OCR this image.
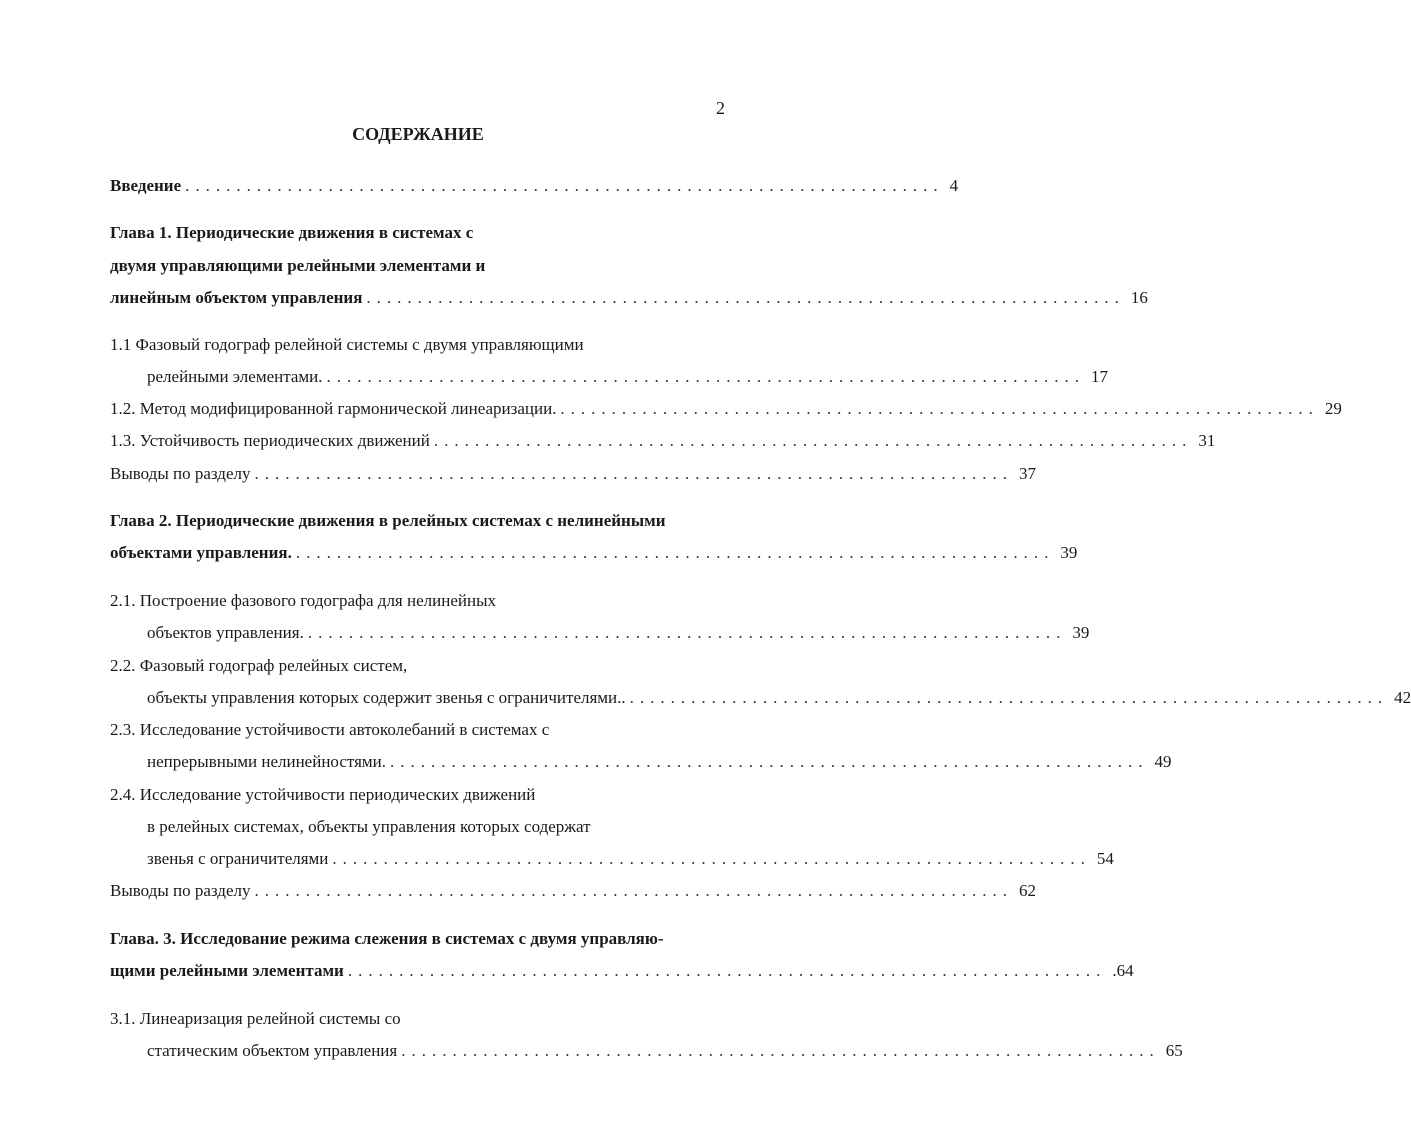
2
СОДЕРЖАНИЕ
Введение .......................................................................... 4
Глава 1. Периодические движения в системах с
двумя управляющими релейными элементами и
линейным объектом управления .......................................................................... 16
1.1 Фазовый годограф релейной системы с двумя управляющими
релейными элементами. .......................................................................... 17
1.2. Метод модифицированной гармонической линеаризации. .......................................................................... 29
1.3. Устойчивость периодических движений .......................................................................... 31
Выводы по разделу .......................................................................... 37
Глава 2. Периодические движения в релейных системах с нелинейными
объектами управления. .......................................................................... 39
2.1. Построение фазового годографа для нелинейных
объектов управления. .......................................................................... 39
2.2. Фазовый годограф релейных систем,
объекты управления которых содержит звенья с ограничителями.. .......................................................................... 42
2.3. Исследование устойчивости автоколебаний в системах с
непрерывными нелинейностями. .......................................................................... 49
2.4. Исследование устойчивости периодических движений
в релейных системах, объекты управления которых содержат
звенья с ограничителями .......................................................................... 54
Выводы по разделу .......................................................................... 62
Глава. 3. Исследование режима слежения в системах с двумя управляю-
щими релейными элементами .......................................................................... .64
3.1. Линеаризация релейной системы со
статическим объектом управления .......................................................................... 65
